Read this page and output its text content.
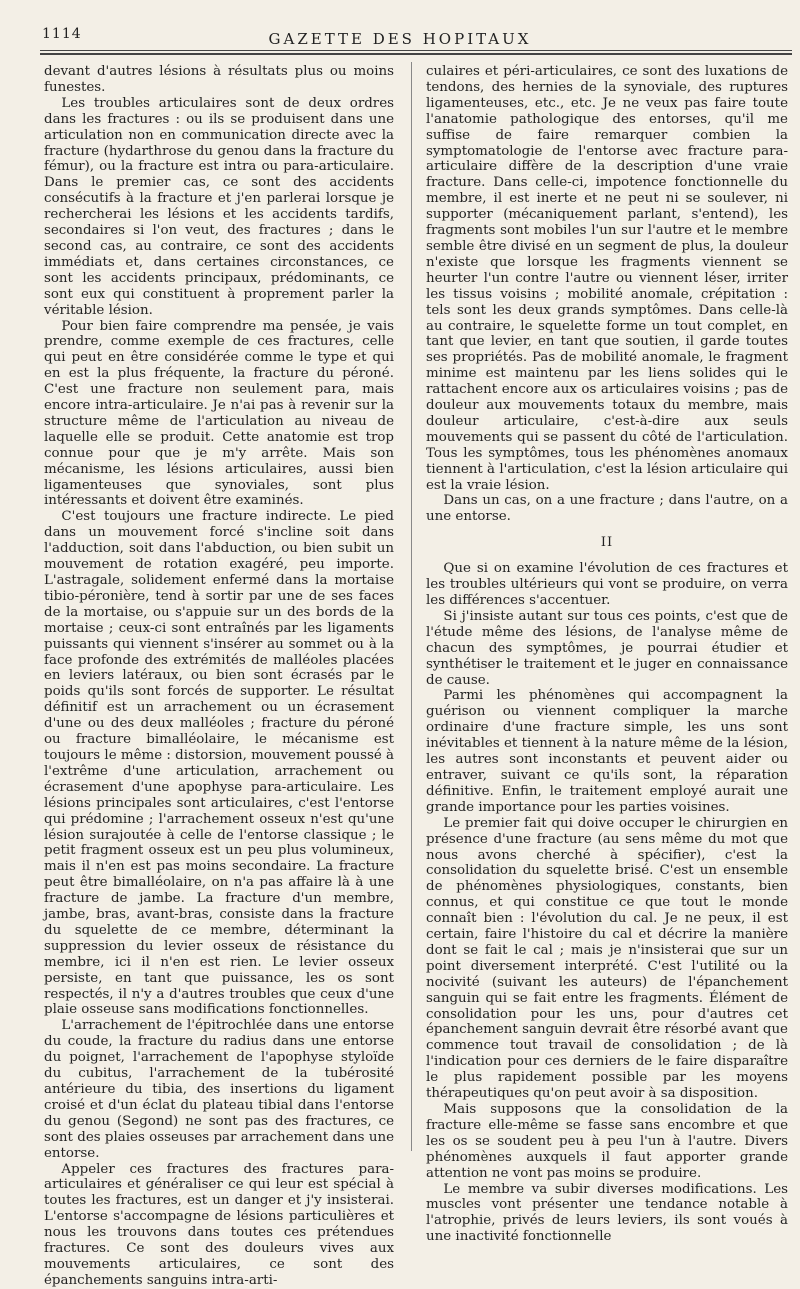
1114	GAZETTE DES HOPITAUX

devant d'autres lésions à résultats plus ou moins funestes.

Les troubles articulaires sont de deux ordres dans les fractures : ou ils se produisent dans une articulation non en communication directe avec la fracture (hydarthrose du genou dans la fracture du fémur), ou la fracture est intra ou para-articulaire. Dans le premier cas, ce sont des accidents consécutifs à la fracture et j'en parlerai lorsque je rechercherai les lésions et les accidents tardifs, secondaires si l'on veut, des fractures ; dans le second cas, au contraire, ce sont des accidents immédiats et, dans certaines circonstances, ce sont les accidents principaux, prédominants, ce sont eux qui constituent à proprement parler la véritable lésion.

Pour bien faire comprendre ma pensée, je vais prendre, comme exemple de ces fractures, celle qui peut en être considérée comme le type et qui en est la plus fréquente, la fracture du péroné. C'est une fracture non seulement para, mais encore intra-articulaire. Je n'ai pas à revenir sur la structure même de l'articulation au niveau de laquelle elle se produit. Cette anatomie est trop connue pour que je m'y arrête. Mais son mécanisme, les lésions articulaires, aussi bien ligamenteuses que synoviales, sont plus intéressants et doivent être examinés.

C'est toujours une fracture indirecte. Le pied dans un mouvement forcé s'incline soit dans l'adduction, soit dans l'abduction, ou bien subit un mouvement de rotation exagéré, peu importe. L'astragale, solidement enfermé dans la mortaise tibio-péronière, tend à sortir par une de ses faces de la mortaise, ou s'appuie sur un des bords de la mortaise ; ceux-ci sont entraînés par les ligaments puissants qui viennent s'insérer au sommet ou à la face profonde des extrémités de malléoles placées en leviers latéraux, ou bien sont écrasés par le poids qu'ils sont forcés de supporter. Le résultat définitif est un arrachement ou un écrasement d'une ou des deux malléoles ; fracture du péroné ou fracture bimalléolaire, le mécanisme est toujours le même : distorsion, mouvement poussé à l'extrême d'une articulation, arrachement ou écrasement d'une apophyse para-articulaire. Les lésions principales sont articulaires, c'est l'entorse qui prédomine ; l'arrachement osseux n'est qu'une lésion surajoutée à celle de l'entorse classique ; le petit fragment osseux est un peu plus volumineux, mais il n'en est pas moins secondaire. La fracture peut être bimalléolaire, on n'a pas affaire là à une fracture de jambe. La fracture d'un membre, jambe, bras, avant-bras, consiste dans la fracture du squelette de ce membre, déterminant la suppression du levier osseux de résistance du membre, ici il n'en est rien. Le levier osseux persiste, en tant que puissance, les os sont respectés, il n'y a d'autres troubles que ceux d'une plaie osseuse sans modifications fonctionnelles.

L'arrachement de l'épitrochlée dans une entorse du coude, la fracture du radius dans une entorse du poignet, l'arrachement de l'apophyse styloïde du cubitus, l'arrachement de la tubérosité antérieure du tibia, des insertions du ligament croisé et d'un éclat du plateau tibial dans l'entorse du genou (Segond) ne sont pas des fractures, ce sont des plaies osseuses par arrachement dans une entorse.

Appeler ces fractures des fractures para-articulaires et généraliser ce qui leur est spécial à toutes les fractures, est un danger et j'y insisterai. L'entorse s'accompagne de lésions particulières et nous les trouvons dans toutes ces prétendues fractures. Ce sont des douleurs vives aux mouvements articulaires, ce sont des épanchements sanguins intra-arti-

culaires et péri-articulaires, ce sont des luxations de tendons, des hernies de la synoviale, des ruptures ligamenteuses, etc., etc. Je ne veux pas faire toute l'anatomie pathologique des entorses, qu'il me suffise de faire remarquer combien la symptomatologie de l'entorse avec fracture para-articulaire diffère de la description d'une vraie fracture. Dans celle-ci, impotence fonctionnelle du membre, il est inerte et ne peut ni se soulever, ni supporter (mécaniquement parlant, s'entend), les fragments sont mobiles l'un sur l'autre et le membre semble être divisé en un segment de plus, la douleur n'existe que lorsque les fragments viennent se heurter l'un contre l'autre ou viennent léser, irriter les tissus voisins ; mobilité anomale, crépitation : tels sont les deux grands symptômes. Dans celle-là au contraire, le squelette forme un tout complet, en tant que levier, en tant que soutien, il garde toutes ses propriétés. Pas de mobilité anomale, le fragment minime est maintenu par les liens solides qui le rattachent encore aux os articulaires voisins ; pas de douleur aux mouvements totaux du membre, mais douleur articulaire, c'est-à-dire aux seuls mouvements qui se passent du côté de l'articulation. Tous les symptômes, tous les phénomènes anomaux tiennent à l'articulation, c'est la lésion articulaire qui est la vraie lésion.

Dans un cas, on a une fracture ; dans l'autre, on a une entorse.

II

Que si on examine l'évolution de ces fractures et les troubles ultérieurs qui vont se produire, on verra les différences s'accentuer.

Si j'insiste autant sur tous ces points, c'est que de l'étude même des lésions, de l'analyse même de chacun des symptômes, je pourrai étudier et synthétiser le traitement et le juger en connaissance de cause.

Parmi les phénomènes qui accompagnent la guérison ou viennent compliquer la marche ordinaire d'une fracture simple, les uns sont inévitables et tiennent à la nature même de la lésion, les autres sont inconstants et peuvent aider ou entraver, suivant ce qu'ils sont, la réparation définitive. Enfin, le traitement employé aurait une grande importance pour les parties voisines.

Le premier fait qui doive occuper le chirurgien en présence d'une fracture (au sens même du mot que nous avons cherché à spécifier), c'est la consolidation du squelette brisé. C'est un ensemble de phénomènes physiologiques, constants, bien connus, et qui constitue ce que tout le monde connaît bien : l'évolution du cal. Je ne peux, il est certain, faire l'histoire du cal et décrire la manière dont se fait le cal ; mais je n'insisterai que sur un point diversement interprété. C'est l'utilité ou la nocivité (suivant les auteurs) de l'épanchement sanguin qui se fait entre les fragments. Élément de consolidation pour les uns, pour d'autres cet épanchement sanguin devrait être résorbé avant que commence tout travail de consolidation ; de là l'indication pour ces derniers de le faire disparaître le plus rapidement possible par les moyens thérapeutiques qu'on peut avoir à sa disposition.

Mais supposons que la consolidation de la fracture elle-même se fasse sans encombre et que les os se soudent peu à peu l'un à l'autre. Divers phénomènes auxquels il faut apporter grande attention ne vont pas moins se produire.

Le membre va subir diverses modifications. Les muscles vont présenter une tendance notable à l'atrophie, privés de leurs leviers, ils sont voués à une inactivité fonctionnelle
